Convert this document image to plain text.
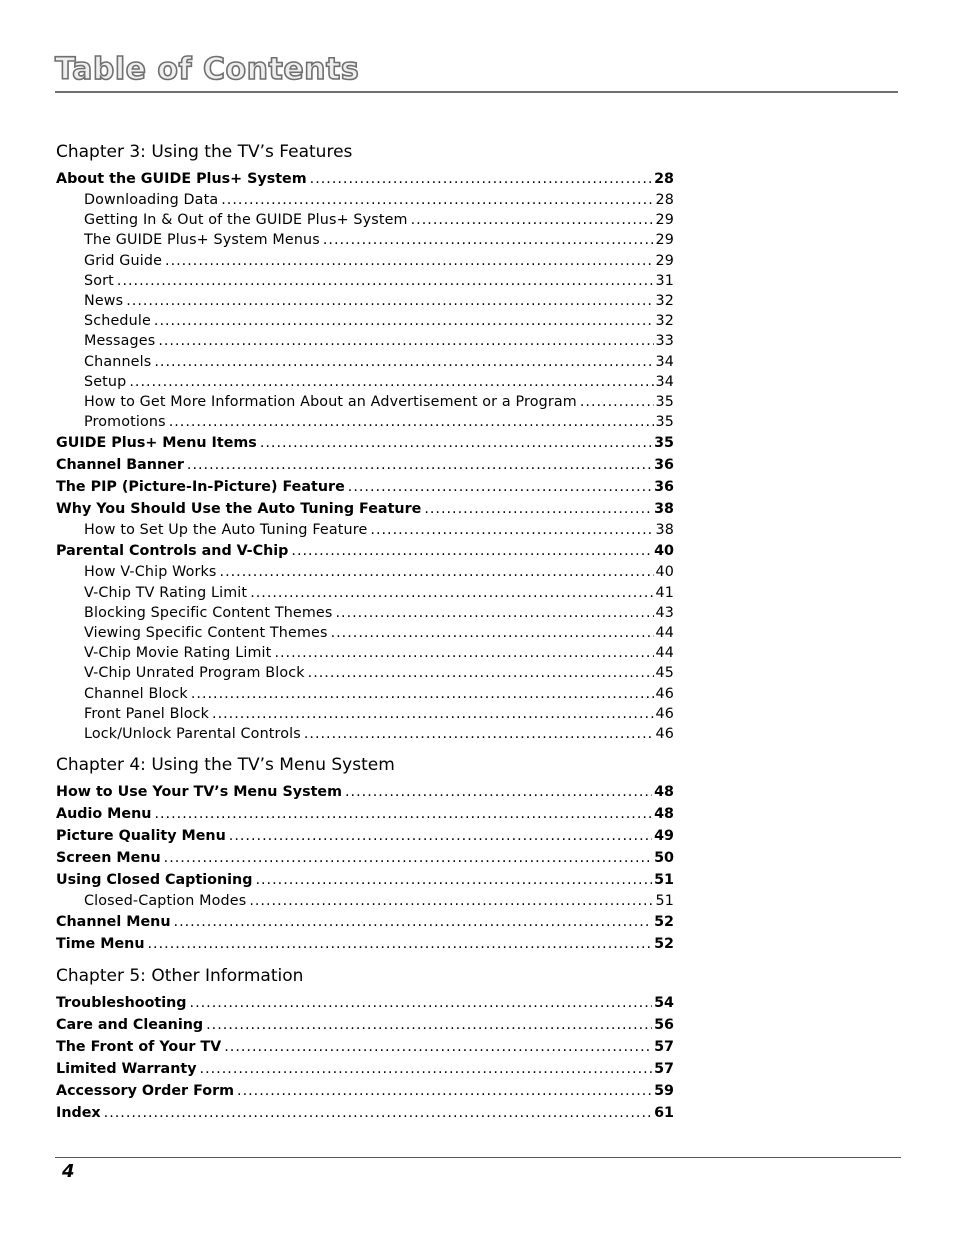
Table of Contents
Chapter 3: Using the TV’s Features
About the GUIDE Plus+ System .....	28
Downloading Data .....	28
Getting In & Out of the GUIDE Plus+ System .....	29
The GUIDE Plus+ System Menus .....	29
Grid Guide .....	29
Sort .....	31
News .....	32
Schedule .....	32
Messages .....	33
Channels .....	34
Setup .....	34
How to Get More Information About an Advertisement or a Program .....	35
Promotions .....	35
GUIDE Plus+ Menu Items .....	35
Channel Banner .....	36
The PIP (Picture-In-Picture) Feature .....	36
Why You Should Use the Auto Tuning Feature .....	38
How to Set Up the Auto Tuning Feature .....	38
Parental Controls and V-Chip .....	40
How V-Chip Works .....	40
V-Chip TV Rating Limit .....	41
Blocking Specific Content Themes .....	43
Viewing Specific Content Themes .....	44
V-Chip Movie Rating Limit .....	44
V-Chip Unrated Program Block .....	45
Channel Block .....	46
Front Panel Block .....	46
Lock/Unlock Parental Controls .....	46
Chapter 4: Using the TV’s Menu System
How to Use Your TV’s Menu System .....	48
Audio Menu .....	48
Picture Quality Menu .....	49
Screen Menu .....	50
Using Closed Captioning .....	51
Closed-Caption Modes .....	51
Channel Menu .....	52
Time Menu .....	52
Chapter 5: Other Information
Troubleshooting .....	54
Care and Cleaning .....	56
The Front of Your TV .....	57
Limited Warranty .....	57
Accessory Order Form .....	59
Index .....	61
4
